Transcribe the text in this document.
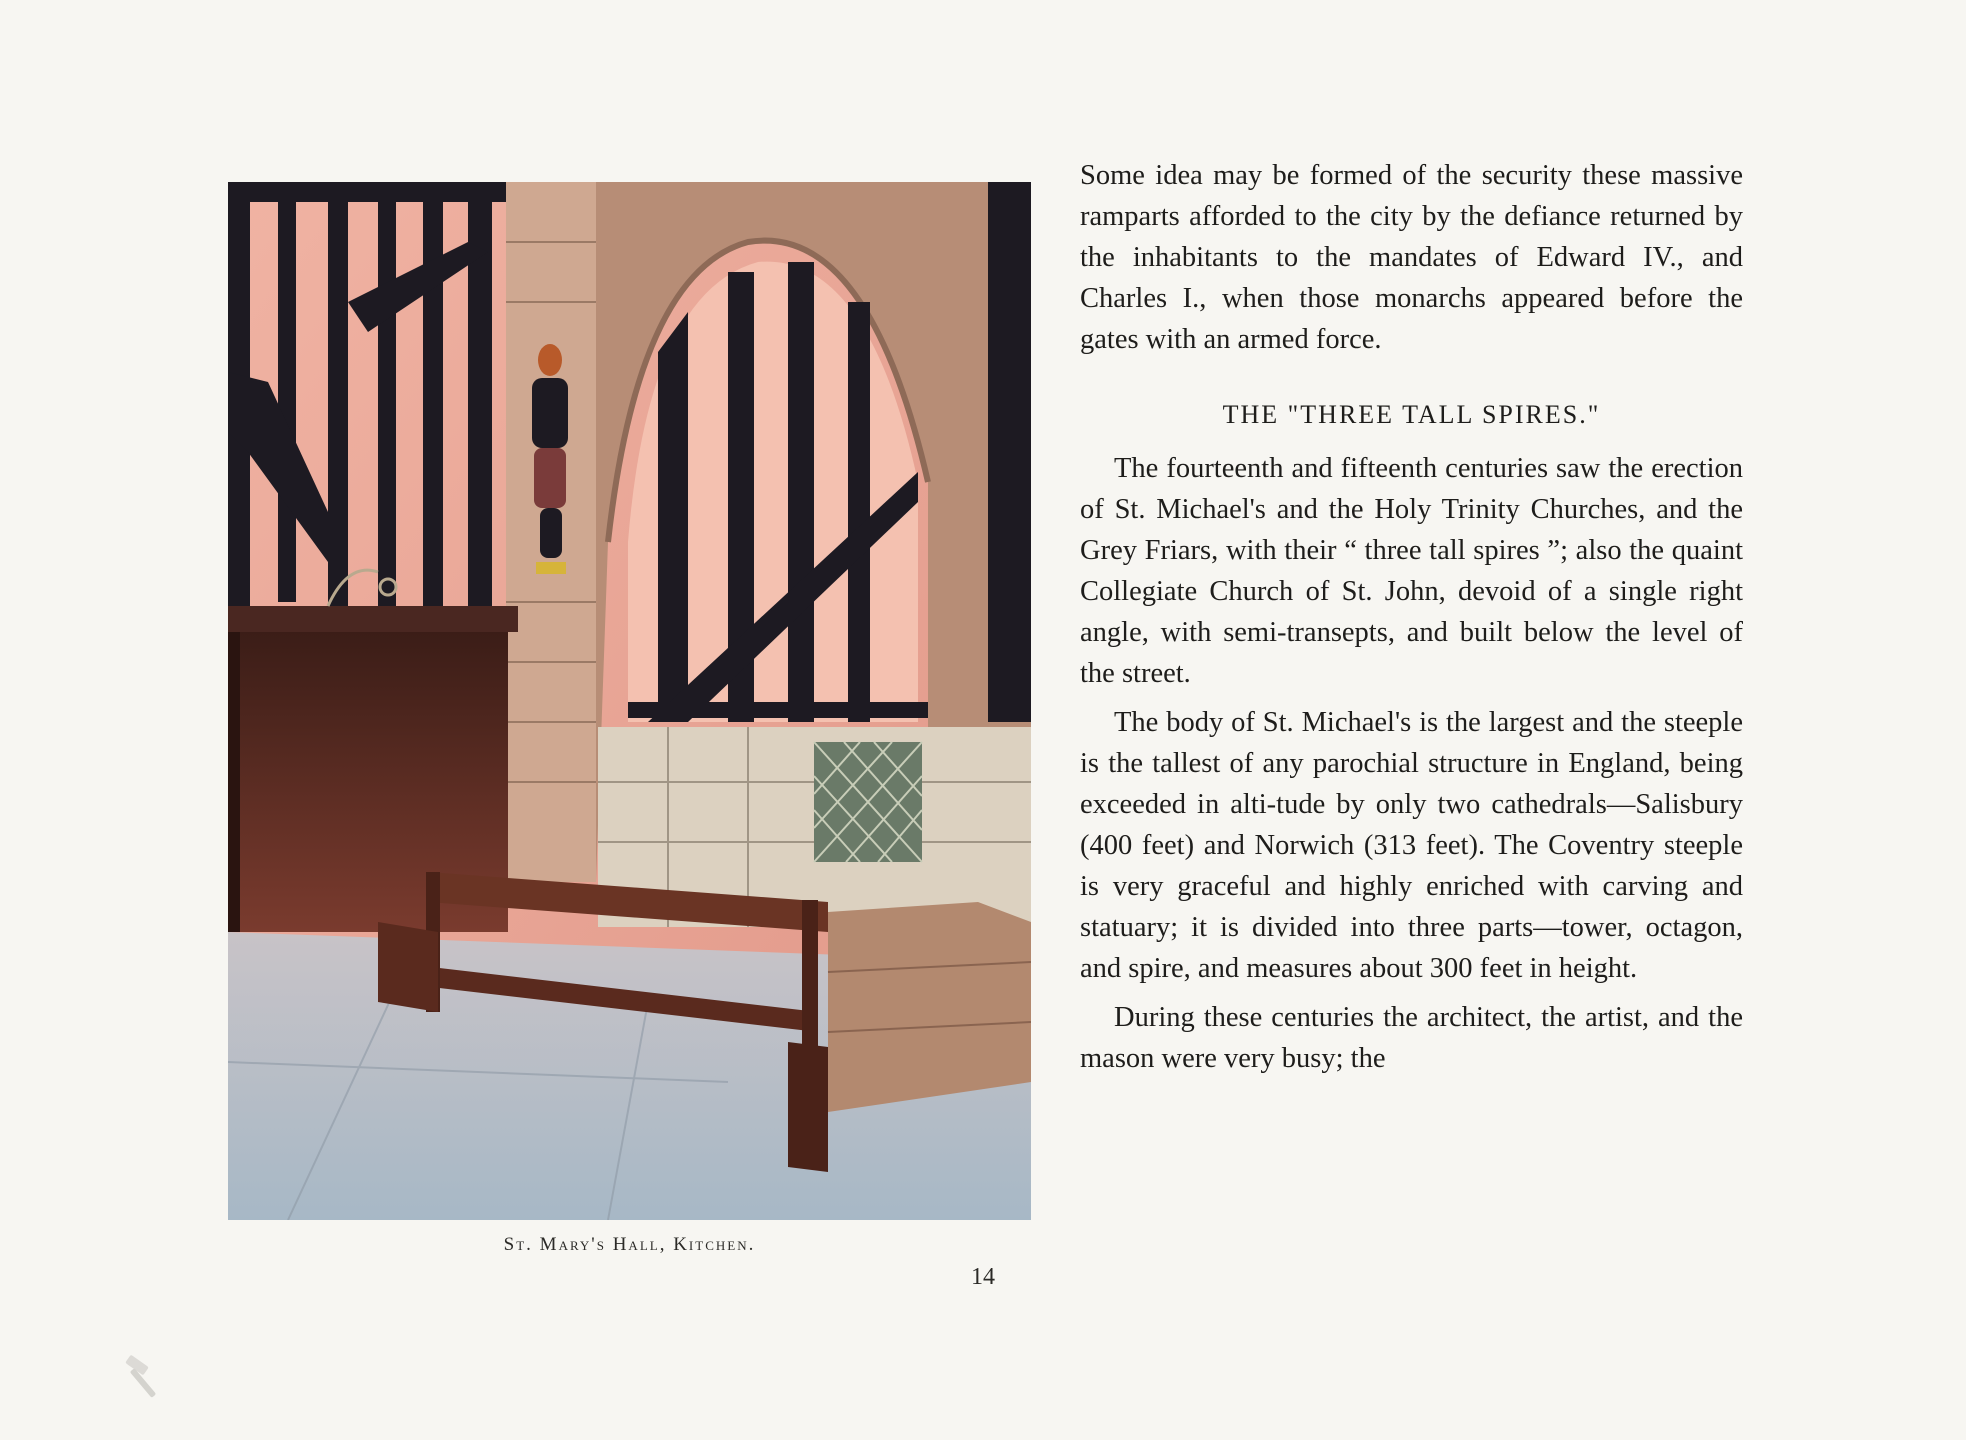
St. Mary's Hall, Kitchen.

Some idea may be formed of the security these massive ramparts afforded to the city by the defiance returned by the inhabitants to the mandates of Edward IV., and Charles I., when those monarchs appeared before the gates with an armed force.

THE "THREE TALL SPIRES."

The fourteenth and fifteenth centuries saw the erection of St. Michael's and the Holy Trinity Churches, and the Grey Friars, with their “ three tall spires ”; also the quaint Collegiate Church of St. John, devoid of a single right angle, with semi-transepts, and built below the level of the street.

The body of St. Michael's is the largest and the steeple is the tallest of any parochial structure in England, being exceeded in alti-tude by only two cathedrals—Salisbury (400 feet) and Norwich (313 feet). The Coventry steeple is very graceful and highly enriched with carving and statuary; it is divided into three parts—tower, octagon, and spire, and measures about 300 feet in height.

During these centuries the architect, the artist, and the mason were very busy; the

14
